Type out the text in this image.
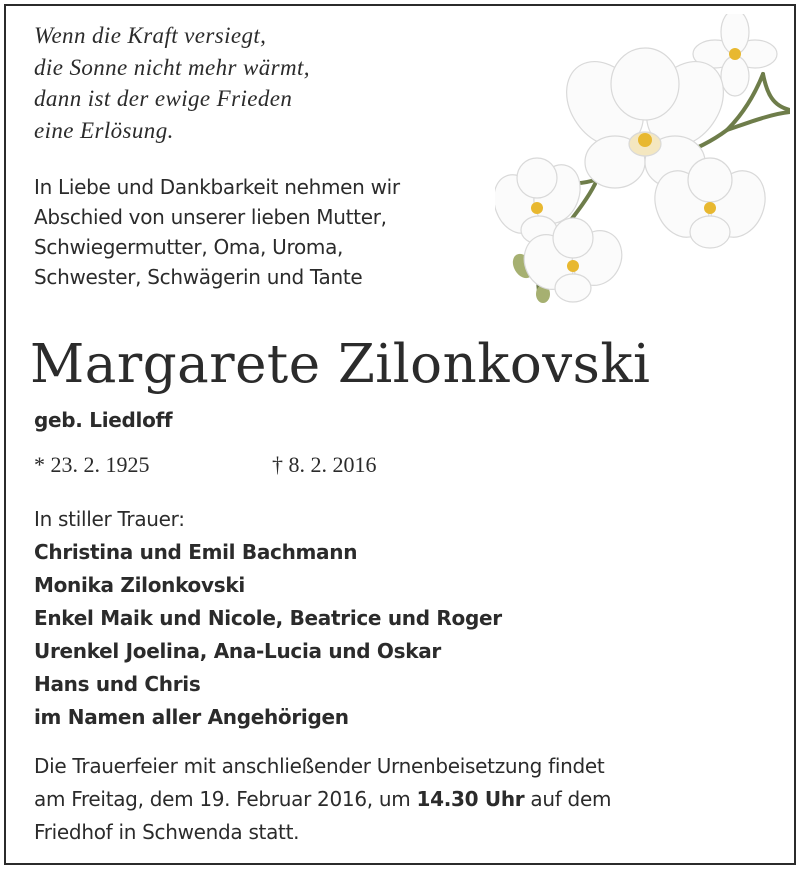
Wenn die Kraft versiegt,
die Sonne nicht mehr wärmt,
dann ist der ewige Frieden
eine Erlösung.
In Liebe und Dankbarkeit nehmen wir
Abschied von unserer lieben Mutter,
Schwiegermutter, Oma, Uroma,
Schwester, Schwägerin und Tante
Margarete Zilonkovski
geb. Liedloff
* 23. 2. 1925	† 8. 2. 2016
In stiller Trauer:
Christina und Emil Bachmann
Monika Zilonkovski
Enkel Maik und Nicole, Beatrice und Roger
Urenkel Joelina, Ana-Lucia und Oskar
Hans und Chris
im Namen aller Angehörigen
Die Trauerfeier mit anschließender Urnenbeisetzung findet
am Freitag, dem 19. Februar 2016, um 14.30 Uhr auf dem
Friedhof in Schwenda statt.
